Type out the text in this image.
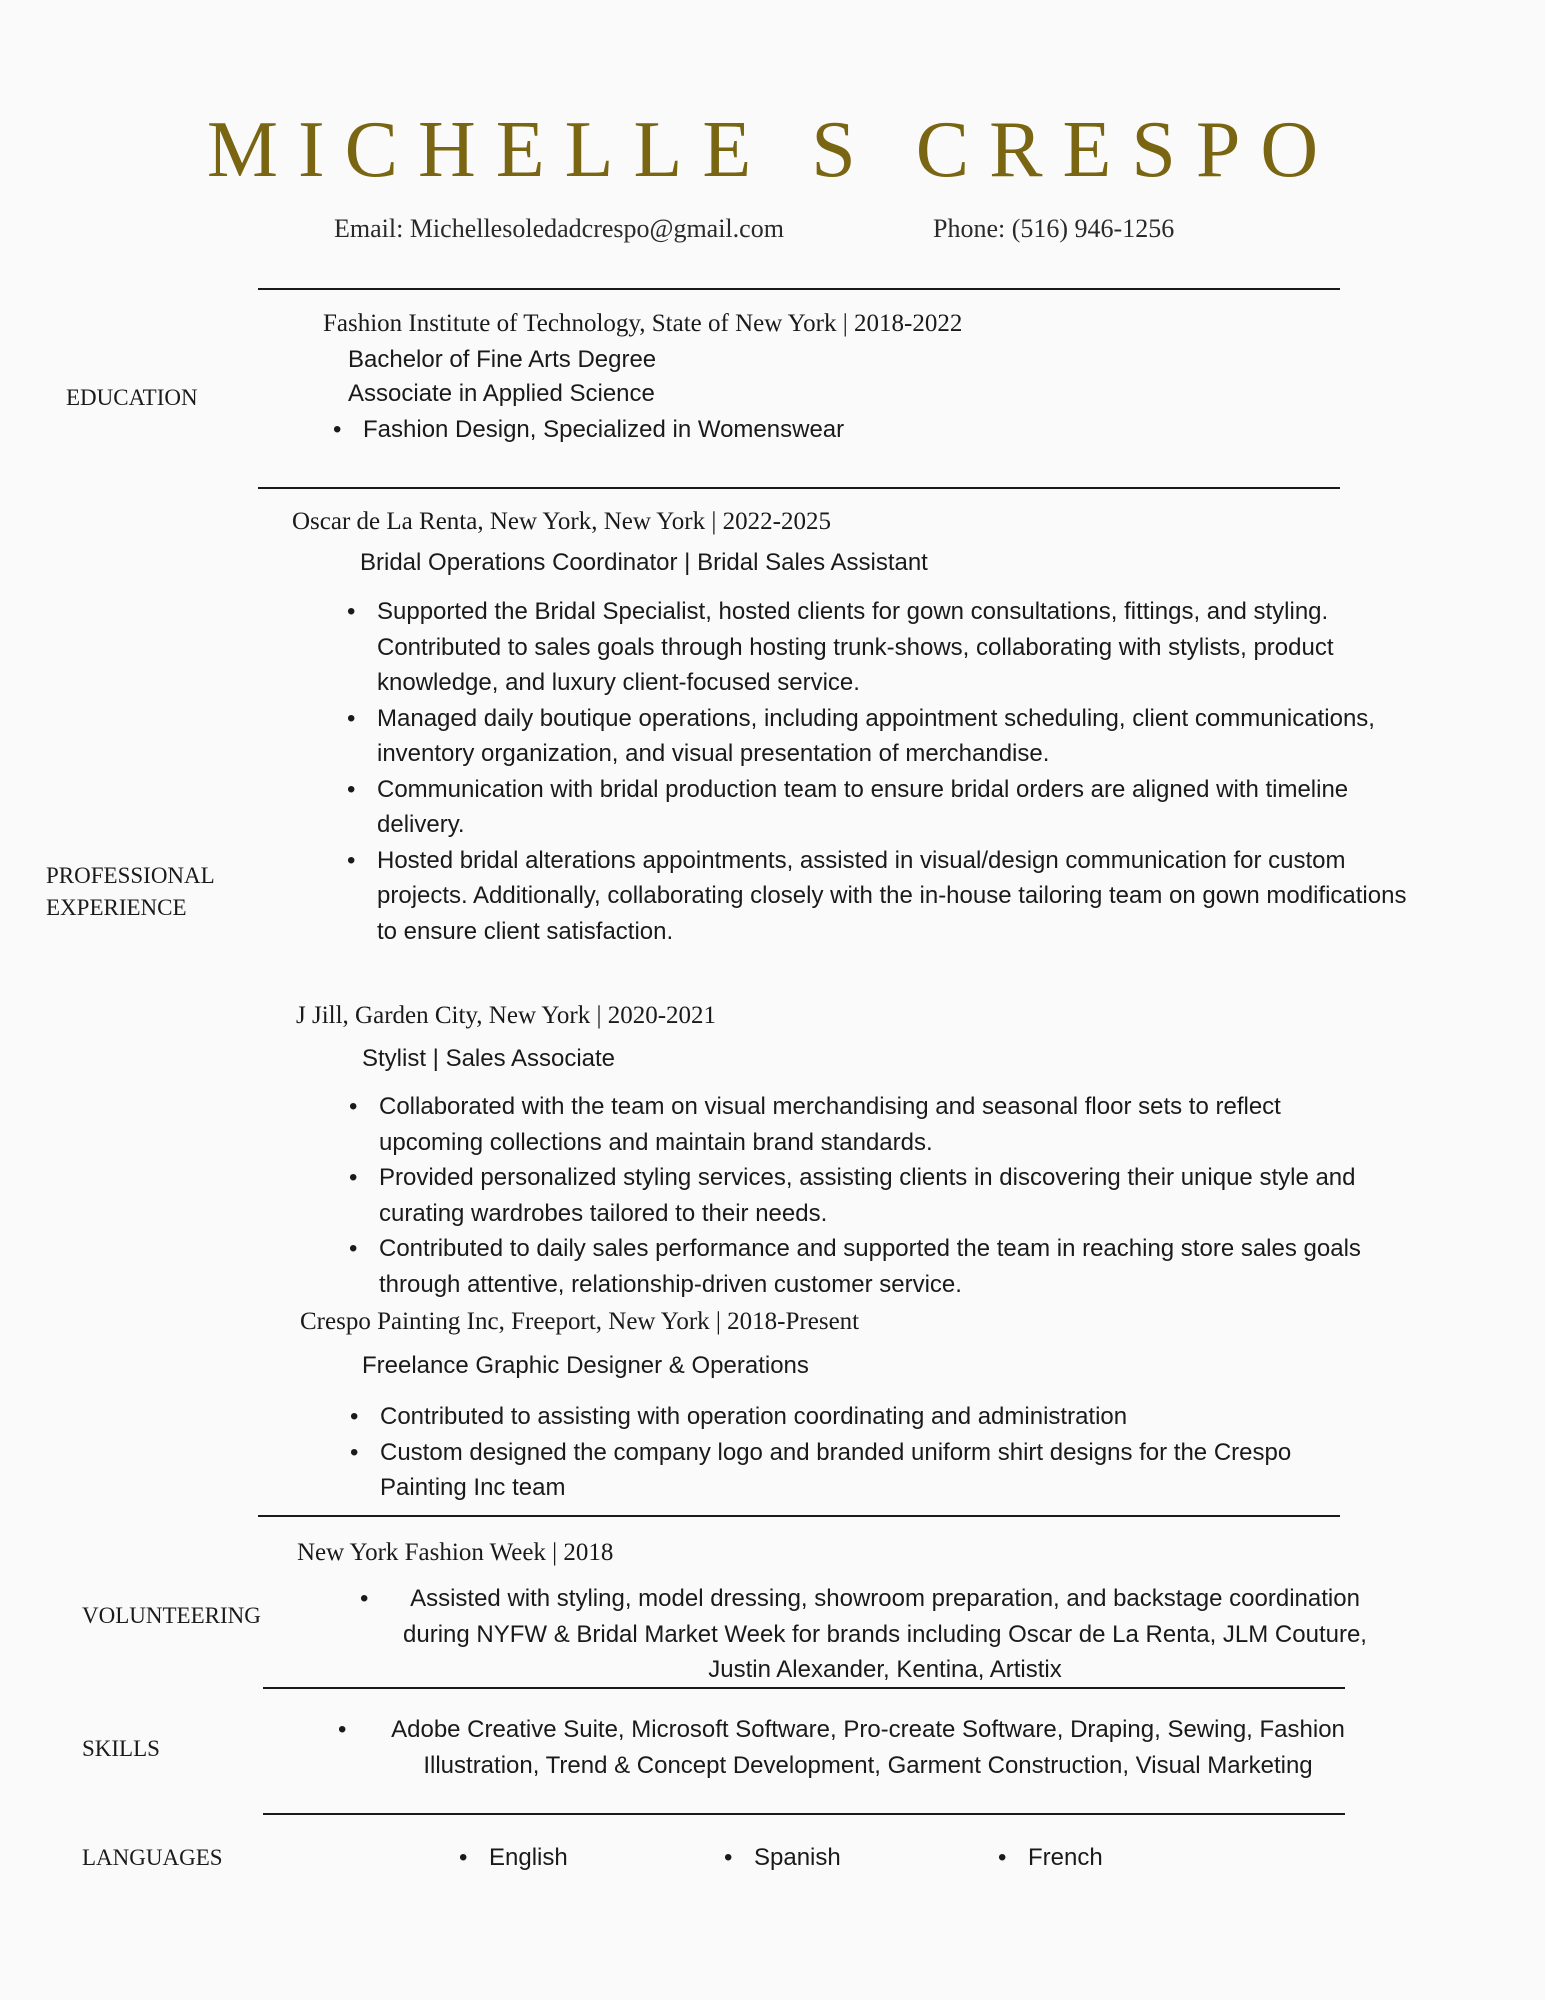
MICHELLE S CRESPO
Email: Michellesoledadcrespo@gmail.com	Phone: (516) 946-1256
EDUCATION
Fashion Institute of Technology, State of New York | 2018-2022
Bachelor of Fine Arts Degree
Associate in Applied Science
• Fashion Design, Specialized in Womenswear
PROFESSIONAL
EXPERIENCE
Oscar de La Renta, New York, New York | 2022-2025
Bridal Operations Coordinator | Bridal Sales Assistant
• Supported the Bridal Specialist, hosted clients for gown consultations, fittings, and styling. Contributed to sales goals through hosting trunk-shows, collaborating with stylists, product knowledge, and luxury client-focused service.
• Managed daily boutique operations, including appointment scheduling, client communications, inventory organization, and visual presentation of merchandise.
• Communication with bridal production team to ensure bridal orders are aligned with timeline delivery.
• Hosted bridal alterations appointments, assisted in visual/design communication for custom projects. Additionally, collaborating closely with the in-house tailoring team on gown modifications to ensure client satisfaction.
J Jill, Garden City, New York | 2020-2021
Stylist | Sales Associate
• Collaborated with the team on visual merchandising and seasonal floor sets to reflect upcoming collections and maintain brand standards.
• Provided personalized styling services, assisting clients in discovering their unique style and curating wardrobes tailored to their needs.
• Contributed to daily sales performance and supported the team in reaching store sales goals through attentive, relationship-driven customer service.
Crespo Painting Inc, Freeport, New York | 2018-Present
Freelance Graphic Designer & Operations
• Contributed to assisting with operation coordinating and administration
• Custom designed the company logo and branded uniform shirt designs for the Crespo Painting Inc team
VOLUNTEERING
New York Fashion Week | 2018
• Assisted with styling, model dressing, showroom preparation, and backstage coordination during NYFW & Bridal Market Week for brands including Oscar de La Renta, JLM Couture, Justin Alexander, Kentina, Artistix
SKILLS
• Adobe Creative Suite, Microsoft Software, Pro-create Software, Draping, Sewing, Fashion Illustration, Trend & Concept Development, Garment Construction, Visual Marketing
LANGUAGES	• English	• Spanish	• French
